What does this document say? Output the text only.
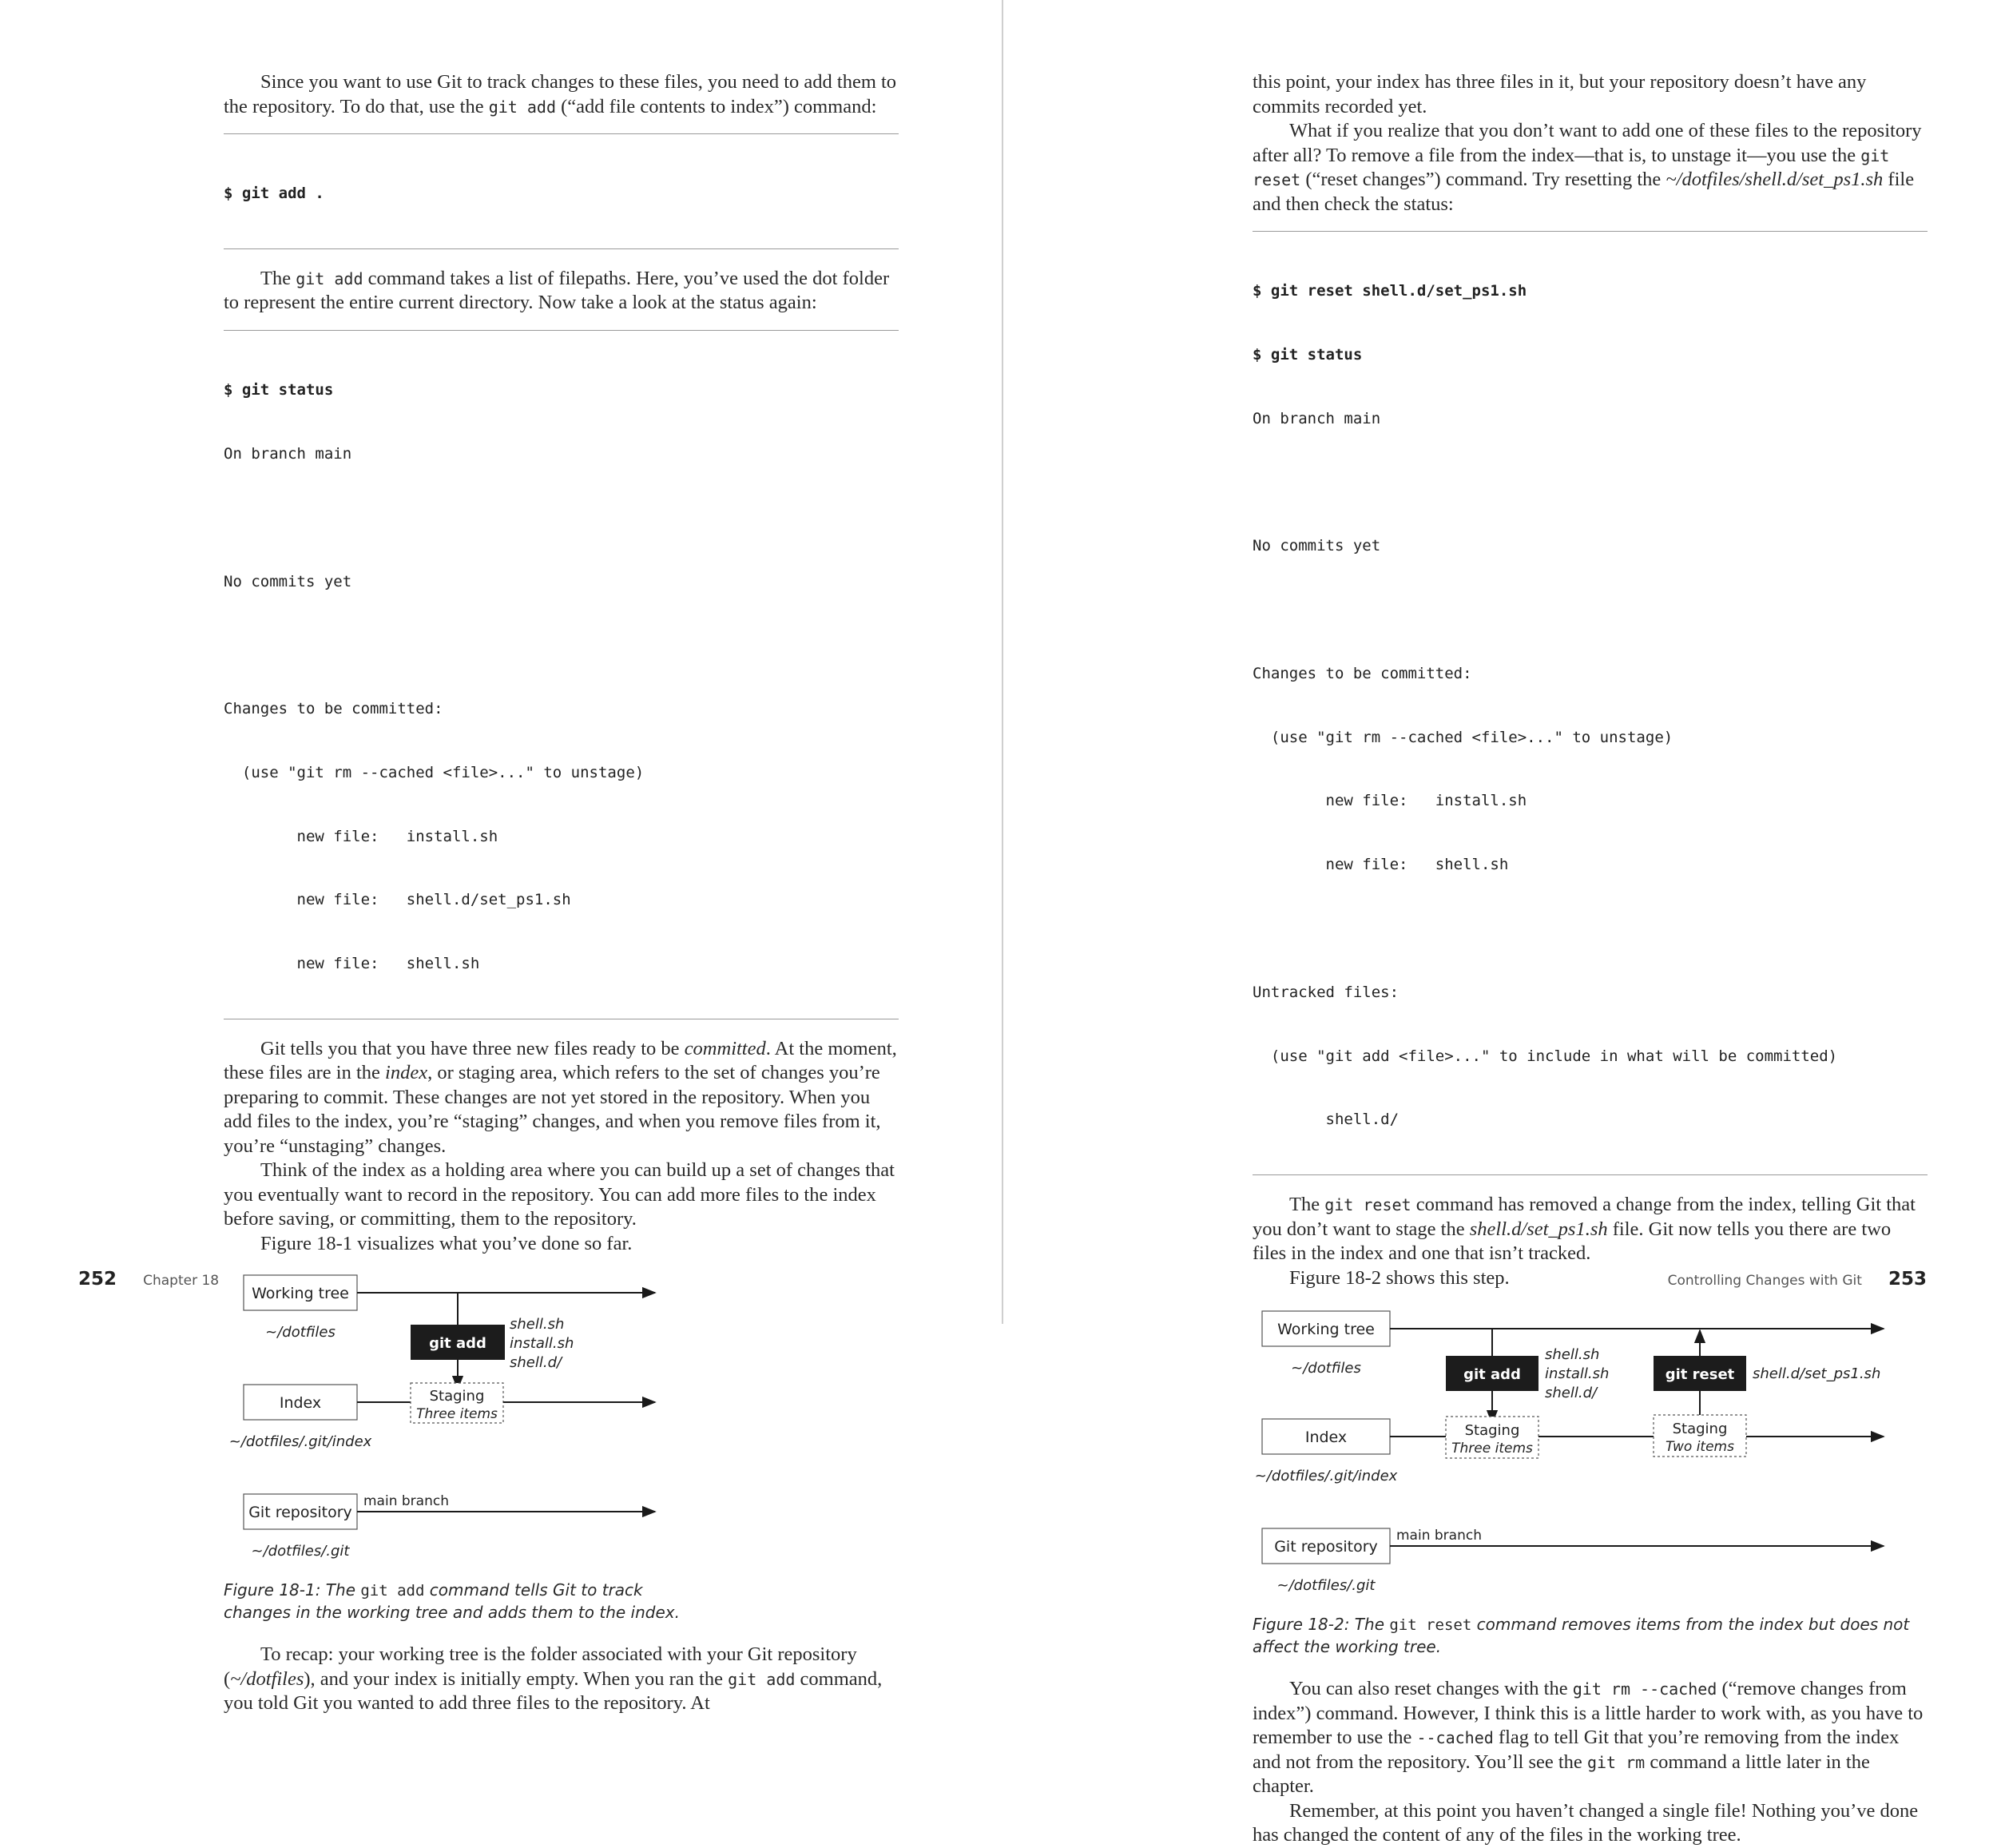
Since you want to use Git to track changes to these files, you need to add them to the repository. To do that, use the git add (“add file contents to index”) command:

$ git add .

The git add command takes a list of filepaths. Here, you’ve used the dot folder to represent the entire current directory. Now take a look at the status again:

$ git status

On branch main

No commits yet

Changes to be committed:

(use "git rm --cached <file>..." to unstage)

new file:   install.sh

new file:   shell.d/set_ps1.sh

new file:   shell.sh

Git tells you that you have three new files ready to be committed. At the moment, these files are in the index, or staging area, which refers to the set of changes you’re preparing to commit. These changes are not yet stored in the repository. When you add files to the index, you’re “staging” changes, and when you remove files from it, you’re “unstaging” changes.

Think of the index as a holding area where you can build up a set of changes that you eventually want to record in the repository. You can add more files to the index before saving, or committing, them to the repository.

Figure 18-1 visualizes what you’ve done so far.

Working tree
~/dotfiles
git add
shell.sh
install.sh
shell.d/
Index	Staging
Three items
~/dotfiles/.git/index
Git repository
main branch
~/dotfiles/.git

Figure 18-1: The git add command tells Git to track changes in the working tree and adds them to the index.

To recap: your working tree is the folder associated with your Git repository (~/dotfiles), and your index is initially empty. When you ran the git add command, you told Git you wanted to add three files to the repository. At

252 Chapter 18

this point, your index has three files in it, but your repository doesn’t have any commits recorded yet.

What if you realize that you don’t want to add one of these files to the repository after all? To remove a file from the index—that is, to unstage it—you use the git reset (“reset changes”) command. Try resetting the ~/dotfiles/shell.d/set_ps1.sh file and then check the status:

$ git reset shell.d/set_ps1.sh

$ git status

On branch main

No commits yet

Changes to be committed:

(use "git rm --cached <file>..." to unstage)

new file:   install.sh

new file:   shell.sh

Untracked files:

(use "git add <file>..." to include in what will be committed)

shell.d/

The git reset command has removed a change from the index, telling Git that you don’t want to stage the shell.d/set_ps1.sh file. Git now tells you there are two files in the index and one that isn’t tracked.

Figure 18-2 shows this step.

Working tree
~/dotfiles	git add
shell.sh
install.sh
shell.d/
git reset shell.d/set_ps1.sh
Index	Staging
Three items
Staging
Two items
~/dotfiles/.git/index
Git repository
main branch
~/dotfiles/.git

Figure 18-2: The git reset command removes items from the index but does not affect the working tree.

You can also reset changes with the git rm --cached (“remove changes from index”) command. However, I think this is a little harder to work with, as you have to remember to use the --cached flag to tell Git that you’re removing from the index and not from the repository. You’ll see the git rm command a little later in the chapter.

Remember, at this point you haven’t changed a single file! Nothing you’ve done has changed the content of any of the files in the working tree.

Controlling Changes with Git 253
